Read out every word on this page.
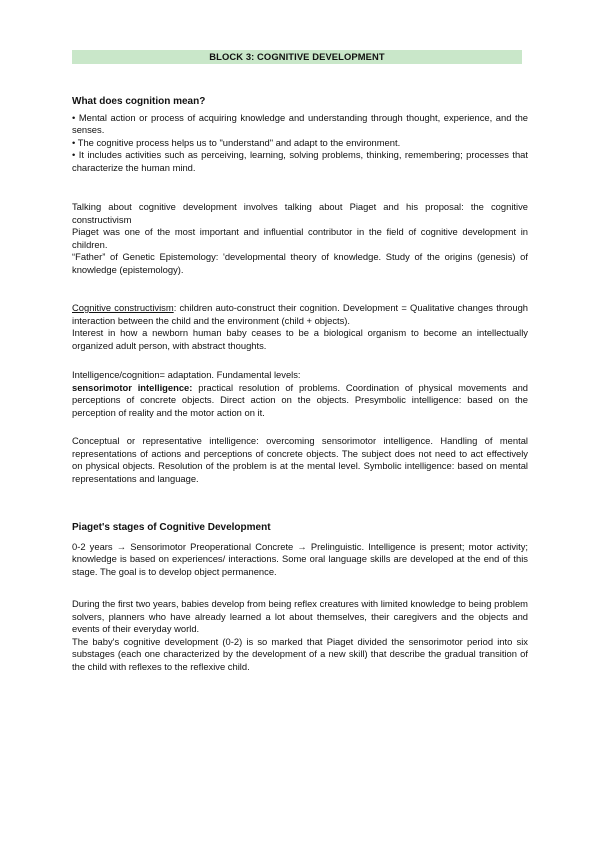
BLOCK 3: COGNITIVE DEVELOPMENT

What does cognition mean?

• Mental action or process of acquiring knowledge and understanding through thought, experience, and the senses.

• The cognitive process helps us to "understand" and adapt to the environment.

• It includes activities such as perceiving, learning, solving problems, thinking, remembering; processes that characterize the human mind.

Talking about cognitive development involves talking about Piaget and his proposal: the cognitive constructivism

Piaget was one of the most important and influential contributor in the field of cognitive development in children.

“Father” of Genetic Epistemology: 'developmental theory of knowledge. Study of the origins (genesis) of knowledge (epistemology).

Cognitive constructivism: children auto-construct their cognition. Development = Qualitative changes through interaction between the child and the environment (child + objects).

Interest in how a newborn human baby ceases to be a biological organism to become an intellectually organized adult person, with abstract thoughts.

Intelligence/cognition= adaptation. Fundamental levels:

sensorimotor intelligence: practical resolution of problems. Coordination of physical movements and perceptions of concrete objects. Direct action on the objects. Presymbolic intelligence: based on the perception of reality and the motor action on it.

Conceptual or representative intelligence: overcoming sensorimotor intelligence. Handling of mental representations of actions and perceptions of concrete objects. The subject does not need to act effectively on physical objects. Resolution of the problem is at the mental level. Symbolic intelligence: based on mental representations and language.

Piaget's stages of Cognitive Development

0-2 years → Sensorimotor Preoperational Concrete → Prelinguistic. Intelligence is present; motor activity; knowledge is based on experiences/ interactions. Some oral language skills are developed at the end of this stage. The goal is to develop object permanence.

During the first two years, babies develop from being reflex creatures with limited knowledge to being problem solvers, planners who have already learned a lot about themselves, their caregivers and the objects and events of their everyday world.

The baby's cognitive development (0-2) is so marked that Piaget divided the sensorimotor period into six substages (each one characterized by the development of a new skill) that describe the gradual transition of the child with reflexes to the reflexive child.
